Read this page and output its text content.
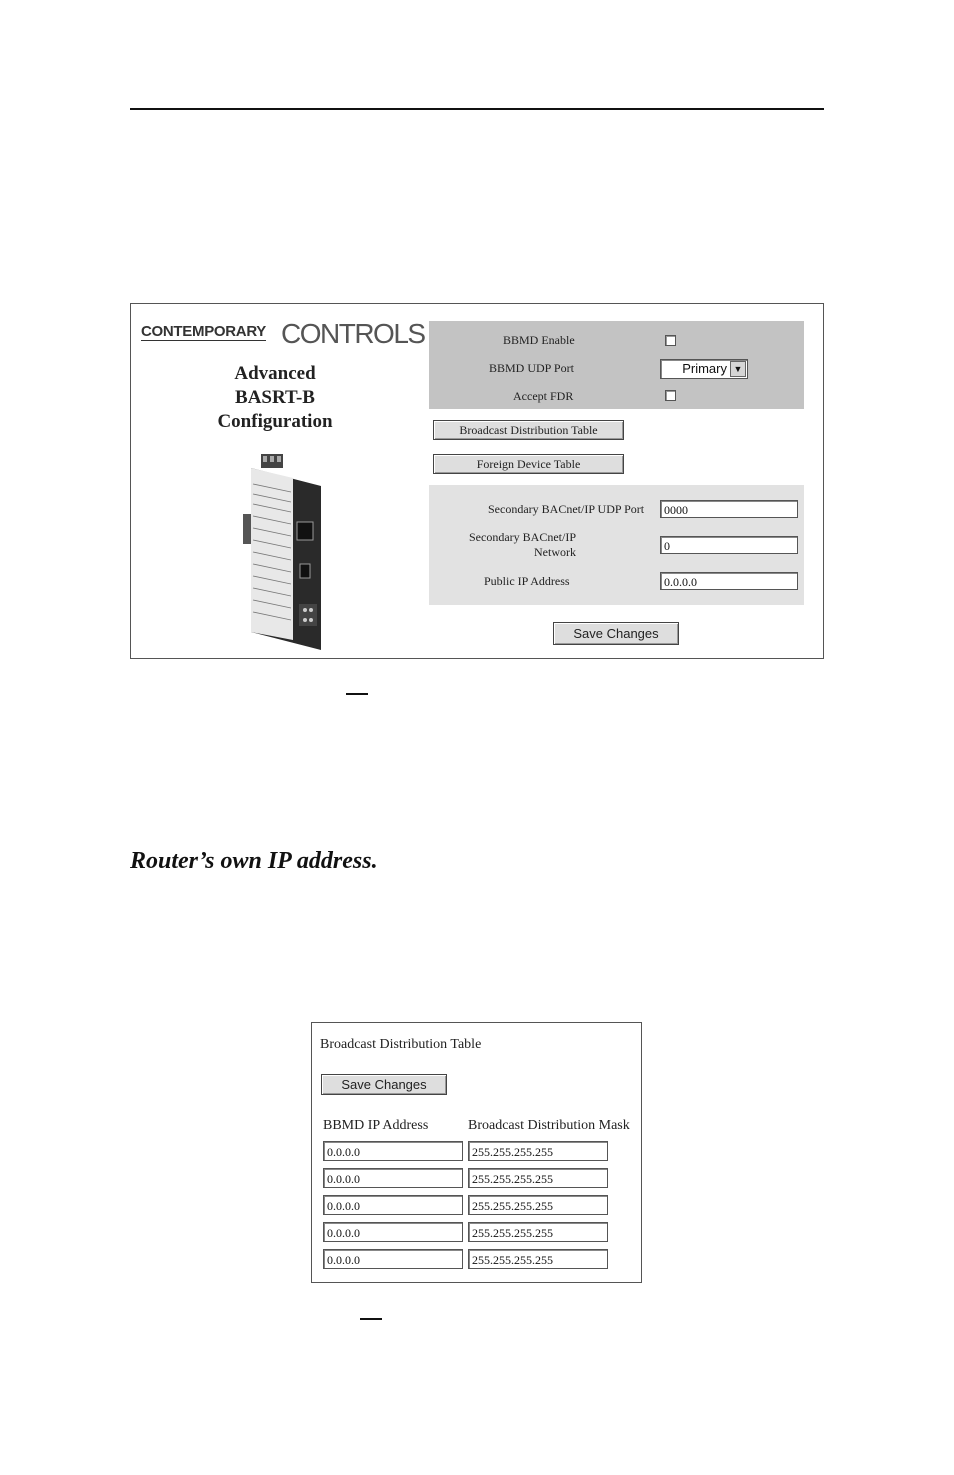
CONTEMPORARY CONTROLS
Advanced
BASRT-B
Configuration
BBMD Enable
BBMD UDP Port	Primary ▼
Accept FDR
Broadcast Distribution Table
Foreign Device Table
Secondary BACnet/IP UDP Port	0000
Secondary BACnet/IP
Network	0
Public IP Address	0.0.0.0
Save Changes
Router’s own IP address.
Broadcast Distribution Table
Save Changes
BBMD IP Address	Broadcast Distribution Mask
0.0.0.0	255.255.255.255
0.0.0.0	255.255.255.255
0.0.0.0	255.255.255.255
0.0.0.0	255.255.255.255
0.0.0.0	255.255.255.255
